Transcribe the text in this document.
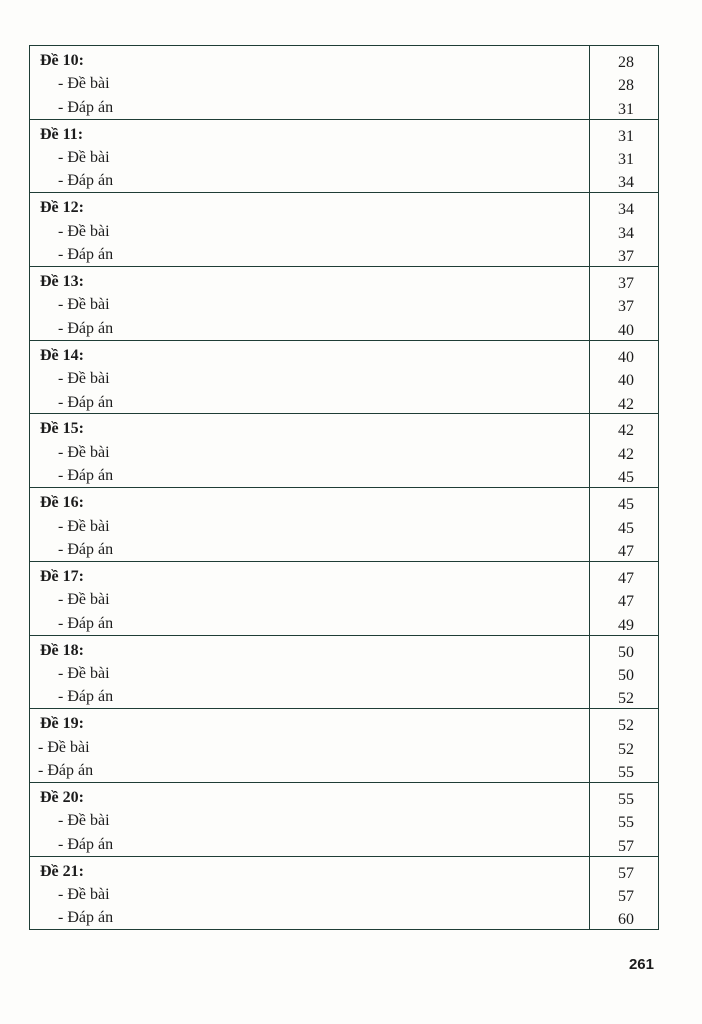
Đề 10:
- Đề bài
- Đáp án
28
28
31
Đề 11:
- Đề bài
- Đáp án
31
31
34
Đề 12:
- Đề bài
- Đáp án
34
34
37
Đề 13:
- Đề bài
- Đáp án
37
37
40
Đề 14:
- Đề bài
- Đáp án
40
40
42
Đề 15:
- Đề bài
- Đáp án
42
42
45
Đề 16:
- Đề bài
- Đáp án
45
45
47
Đề 17:
- Đề bài
- Đáp án
47
47
49
Đề 18:
- Đề bài
- Đáp án
50
50
52
Đề 19:
- Đề bài
- Đáp án
52
52
55
Đề 20:
- Đề bài
- Đáp án
55
55
57
Đề 21:
- Đề bài
- Đáp án
57
57
60
261
